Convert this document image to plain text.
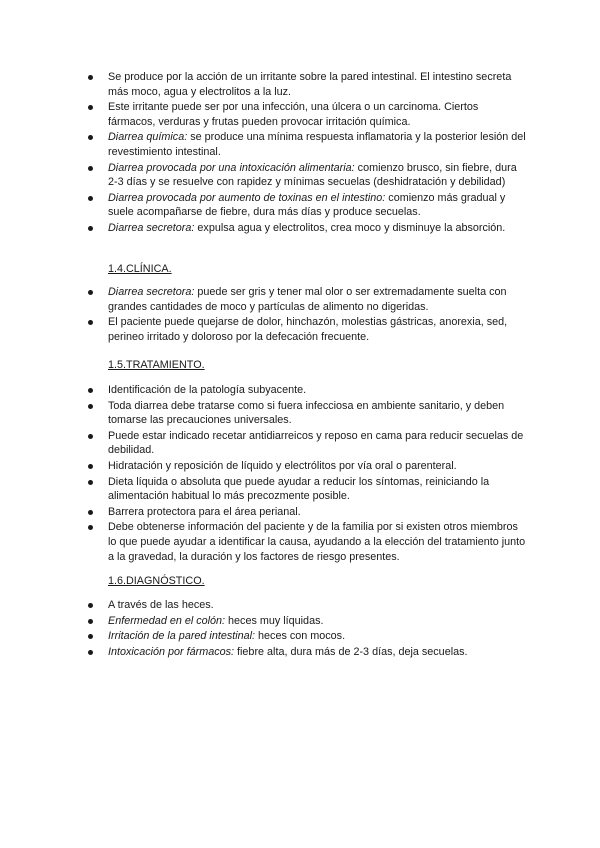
Se produce por la acción de un irritante sobre la pared intestinal. El intestino secreta más moco, agua y electrolitos a la luz.
Este irritante puede ser por una infección, una úlcera o un carcinoma. Ciertos fármacos, verduras y frutas pueden provocar irritación química.
Diarrea química: se produce una mínima respuesta inflamatoria y la posterior lesión del revestimiento intestinal.
Diarrea provocada por una intoxicación alimentaria: comienzo brusco, sin fiebre, dura 2-3 días y se resuelve con rapidez y mínimas secuelas (deshidratación y debilidad)
Diarrea provocada por aumento de toxinas en el intestino: comienzo más gradual y suele acompañarse de fiebre, dura más días y produce secuelas.
Diarrea secretora: expulsa agua y electrolitos, crea moco y disminuye la absorción.
1.4.CLÍNICA.
Diarrea secretora: puede ser gris y tener mal olor o ser extremadamente suelta con grandes cantidades de moco y partículas de alimento no digeridas.
El paciente puede quejarse de dolor, hinchazón, molestias gástricas, anorexia, sed, perineo irritado y doloroso por la defecación frecuente.
1.5.TRATAMIENTO.
Identificación de la patología subyacente.
Toda diarrea debe tratarse como si fuera infecciosa en ambiente sanitario, y deben tomarse las precauciones universales.
Puede estar indicado recetar antidiarreicos y reposo en cama para reducir secuelas de debilidad.
Hidratación y reposición de líquido y electrólitos por vía oral o parenteral.
Dieta líquida o absoluta que puede ayudar a reducir los síntomas, reiniciando la alimentación habitual lo más precozmente posible.
Barrera protectora para el área perianal.
Debe obtenerse información del paciente y de la familia por si existen otros miembros lo que puede ayudar a identificar la causa, ayudando a la elección del tratamiento junto a la gravedad, la duración y los factores de riesgo presentes.
1.6.DIAGNÓSTICO.
A través de las heces.
Enfermedad en el colón: heces muy líquidas.
Irritación de la pared intestinal: heces con mocos.
Intoxicación por fármacos: fiebre alta, dura más de 2-3 días, deja secuelas.
